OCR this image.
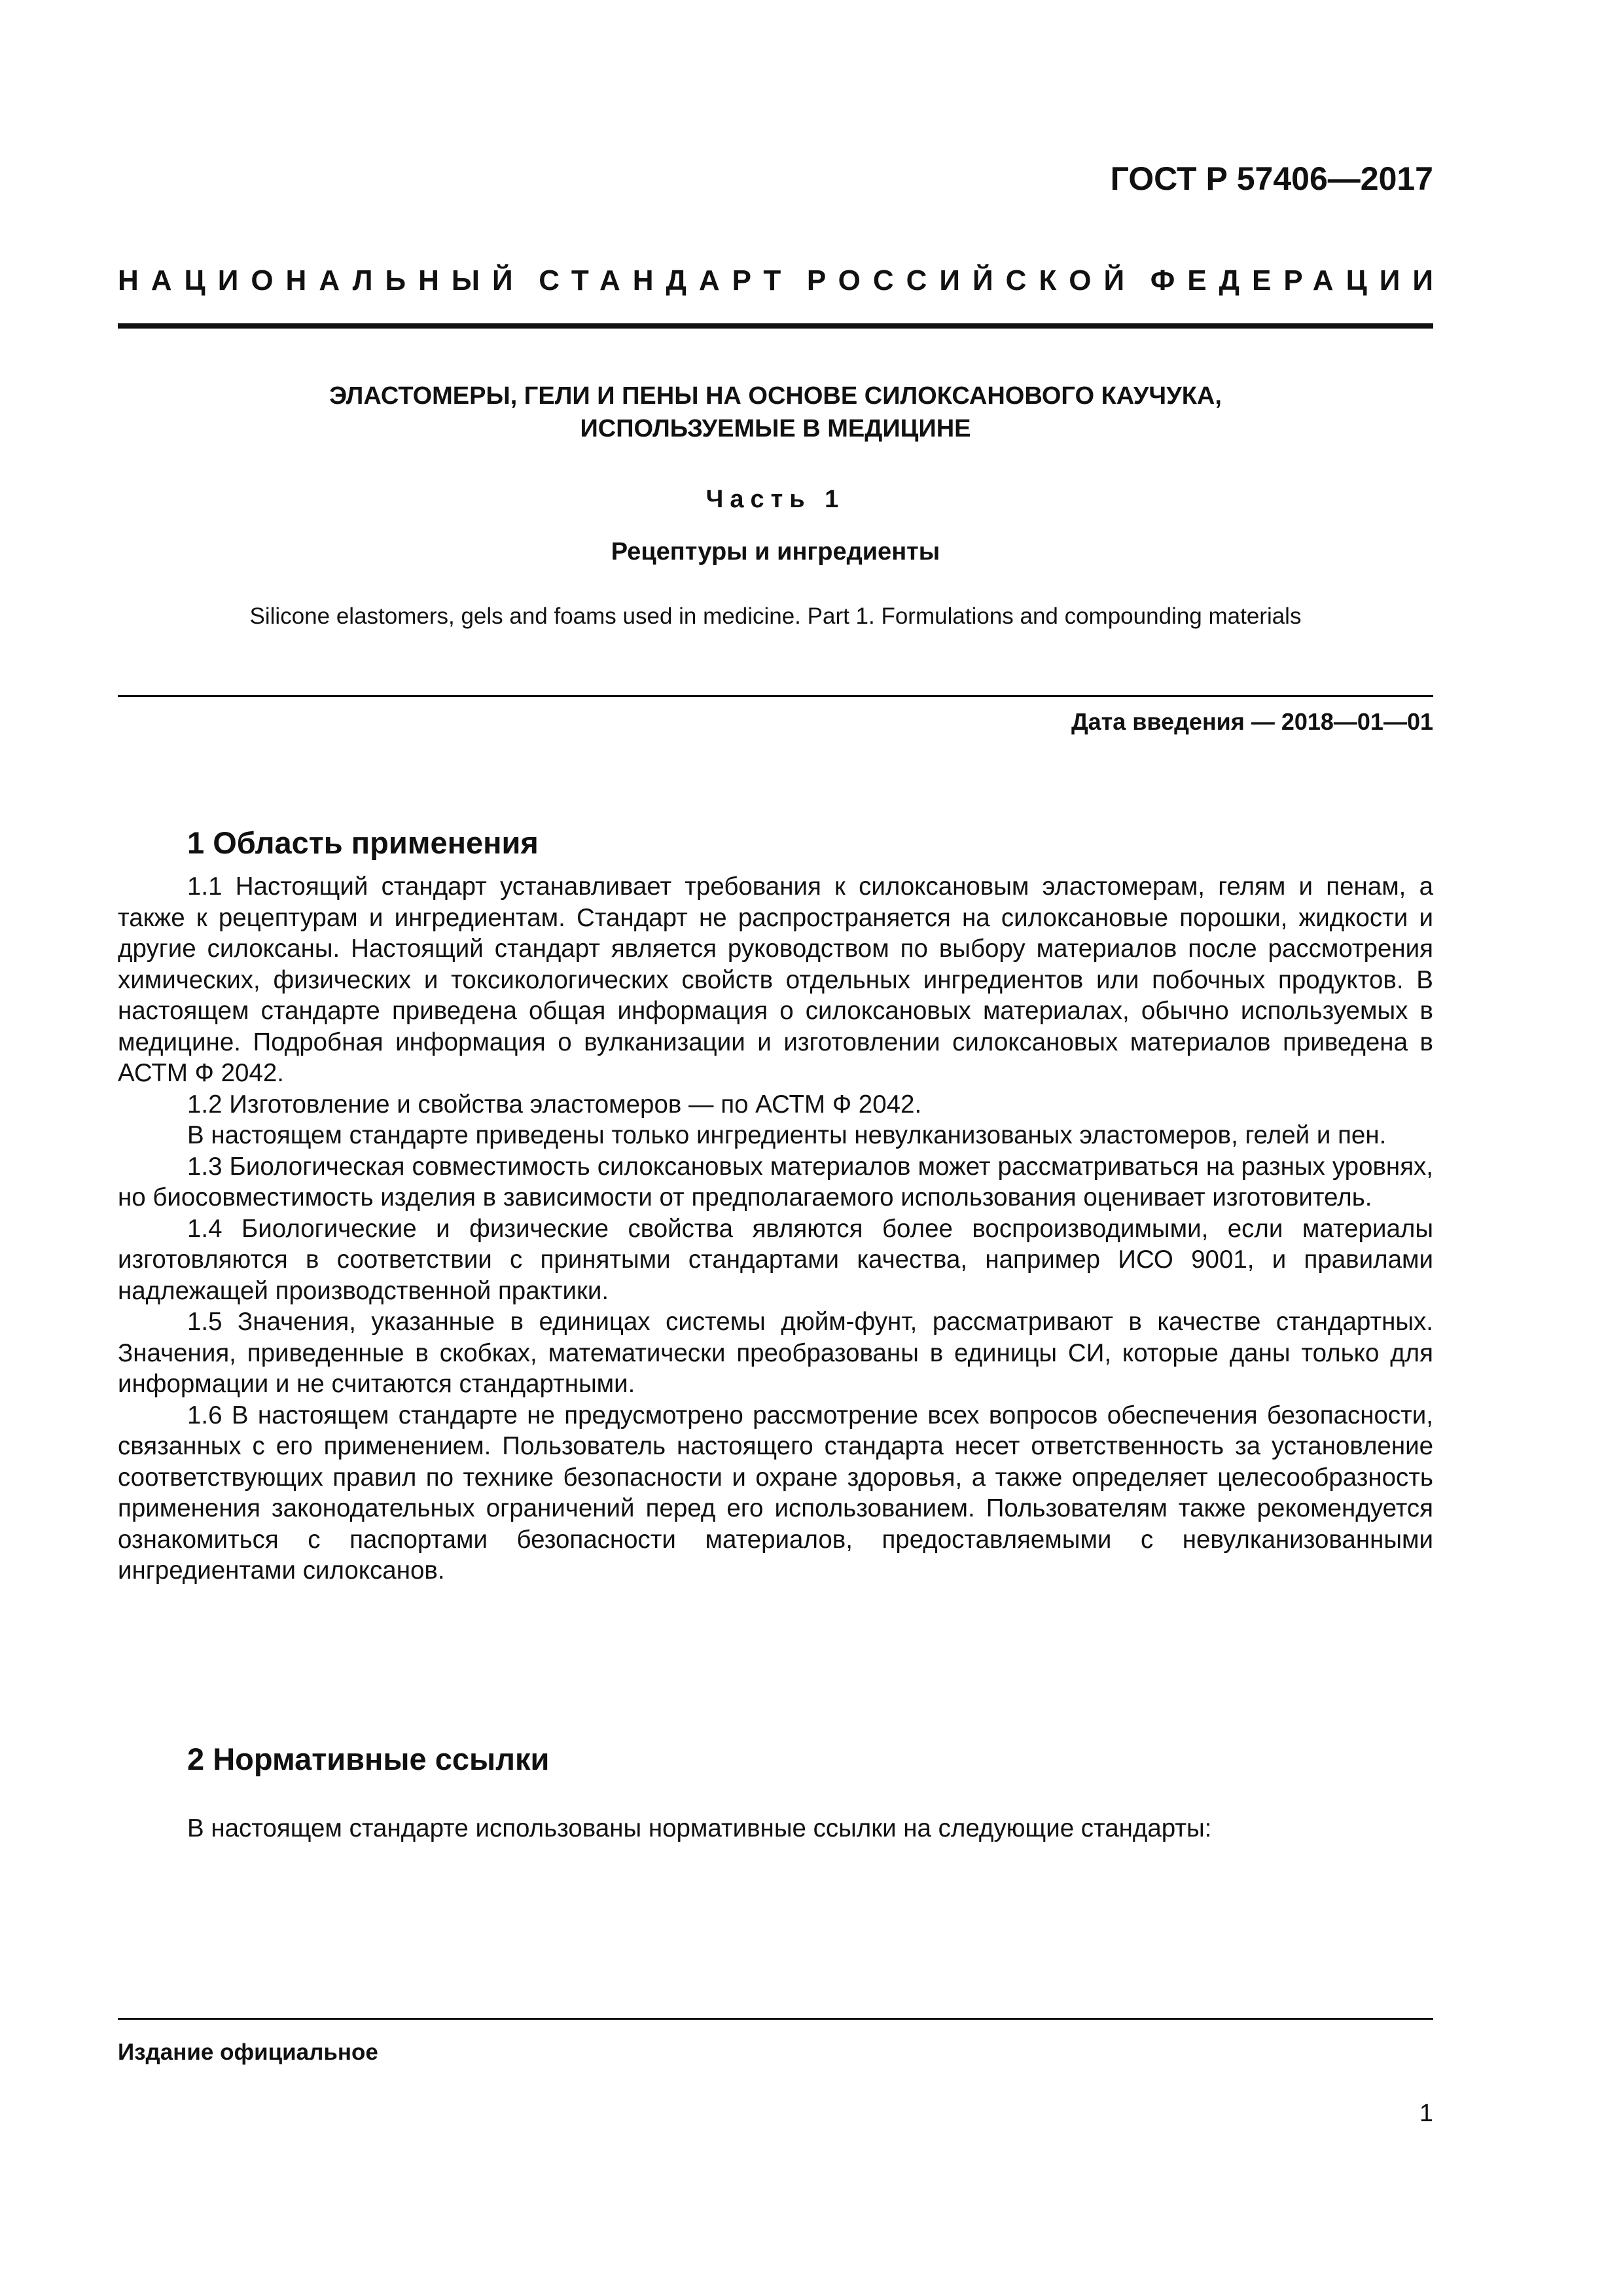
ГОСТ Р 57406—2017
НАЦИОНАЛЬНЫЙ СТАНДАРТ РОССИЙСКОЙ ФЕДЕРАЦИИ
ЭЛАСТОМЕРЫ, ГЕЛИ И ПЕНЫ НА ОСНОВЕ СИЛОКСАНОВОГО КАУЧУКА,
ИСПОЛЬЗУЕМЫЕ В МЕДИЦИНЕ
Часть 1
Рецептуры и ингредиенты
Silicone elastomers, gels and foams used in medicine. Part 1. Formulations and compounding materials
Дата введения — 2018—01—01
1 Область применения

1.1 Настоящий стандарт устанавливает требования к силоксановым эластомерам, гелям и пенам, а также к рецептурам и ингредиентам. Стандарт не распространяется на силоксановые порошки, жидкости и другие силоксаны. Настоящий стандарт является руководством по выбору материалов после рассмотрения химических, физических и токсикологических свойств отдельных ингредиентов или побочных продуктов. В настоящем стандарте приведена общая информация о силоксановых материалах, обычно используемых в медицине. Подробная информация о вулканизации и изготовлении силоксановых материалов приведена в АСТМ Ф 2042.

1.2 Изготовление и свойства эластомеров — по АСТМ Ф 2042.

В настоящем стандарте приведены только ингредиенты невулканизованых эластомеров, гелей и пен.

1.3 Биологическая совместимость силоксановых материалов может рассматриваться на разных уровнях, но биосовместимость изделия в зависимости от предполагаемого использования оценивает изготовитель.

1.4 Биологические и физические свойства являются более воспроизводимыми, если материалы изготовляются в соответствии с принятыми стандартами качества, например ИСО 9001, и правилами надлежащей производственной практики.

1.5 Значения, указанные в единицах системы дюйм-фунт, рассматривают в качестве стандартных. Значения, приведенные в скобках, математически преобразованы в единицы СИ, которые даны только для информации и не считаются стандартными.

1.6 В настоящем стандарте не предусмотрено рассмотрение всех вопросов обеспечения безопасности, связанных с его применением. Пользователь настоящего стандарта несет ответственность за установление соответствующих правил по технике безопасности и охране здоровья, а также определяет целесообразность применения законодательных ограничений перед его использованием. Пользователям также рекомендуется ознакомиться с паспортами безопасности материалов, предоставляемыми с невулканизованными ингредиентами силоксанов.

2 Нормативные ссылки

В настоящем стандарте использованы нормативные ссылки на следующие стандарты:

Издание официальное
1
